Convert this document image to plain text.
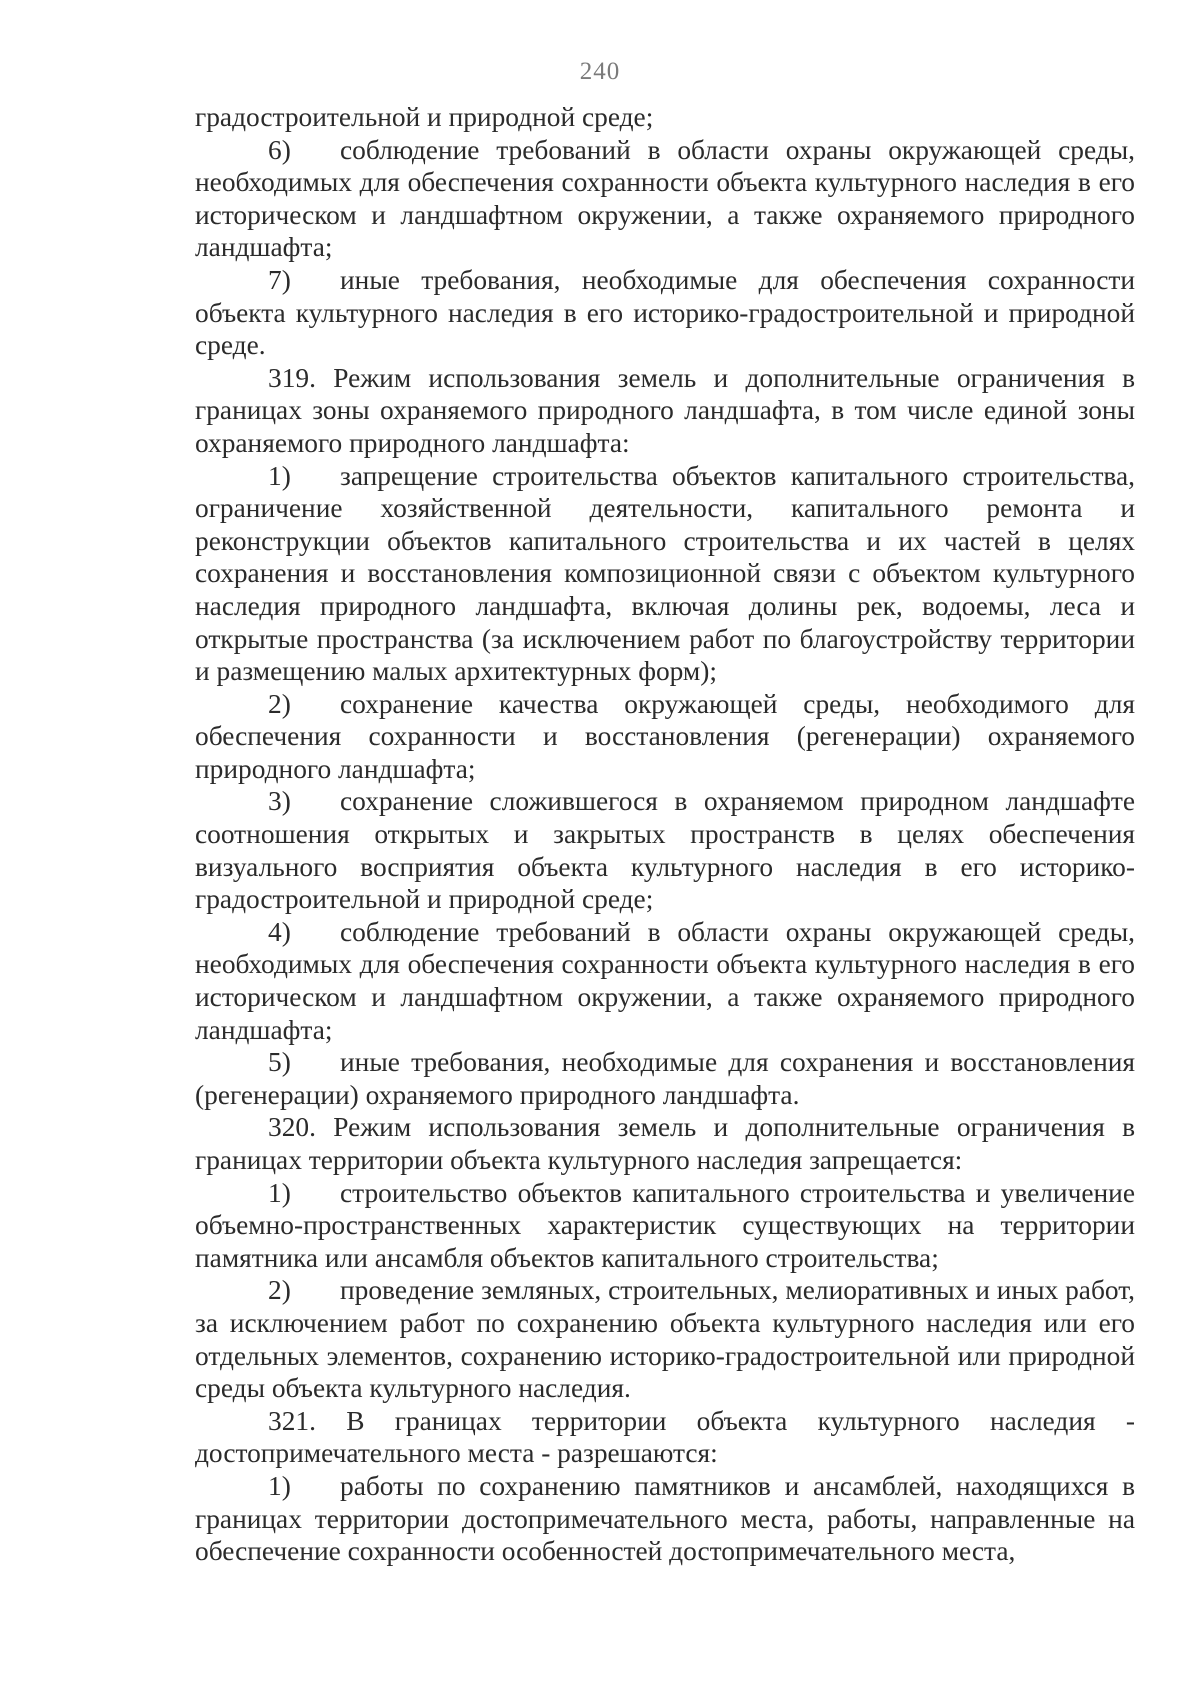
240

градостроительной и природной среде;

6) соблюдение требований в области охраны окружающей среды, необходимых для обеспечения сохранности объекта культурного наследия в его историческом и ландшафтном окружении, а также охраняемого природного ландшафта;

7) иные требования, необходимые для обеспечения сохранности объекта культурного наследия в его историко-градостроительной и природной среде.

319. Режим использования земель и дополнительные ограничения в границах зоны охраняемого природного ландшафта, в том числе единой зоны охраняемого природного ландшафта:

1) запрещение строительства объектов капитального строительства, ограничение хозяйственной деятельности, капитального ремонта и реконструкции объектов капитального строительства и их частей в целях сохранения и восстановления композиционной связи с объектом культурного наследия природного ландшафта, включая долины рек, водоемы, леса и открытые пространства (за исключением работ по благоустройству территории и размещению малых архитектурных форм);

2) сохранение качества окружающей среды, необходимого для обеспечения сохранности и восстановления (регенерации) охраняемого природного ландшафта;

3) сохранение сложившегося в охраняемом природном ландшафте соотношения открытых и закрытых пространств в целях обеспечения визуального восприятия объекта культурного наследия в его историко-градостроительной и природной среде;

4) соблюдение требований в области охраны окружающей среды, необходимых для обеспечения сохранности объекта культурного наследия в его историческом и ландшафтном окружении, а также охраняемого природного ландшафта;

5) иные требования, необходимые для сохранения и восстановления (регенерации) охраняемого природного ландшафта.

320. Режим использования земель и дополнительные ограничения в границах территории объекта культурного наследия запрещается:

1) строительство объектов капитального строительства и увеличение объемно-пространственных характеристик существующих на территории памятника или ансамбля объектов капитального строительства;

2) проведение земляных, строительных, мелиоративных и иных работ, за исключением работ по сохранению объекта культурного наследия или его отдельных элементов, сохранению историко-градостроительной или природной среды объекта культурного наследия.

321. В границах территории объекта культурного наследия - достопримечательного места - разрешаются:

1) работы по сохранению памятников и ансамблей, находящихся в границах территории достопримечательного места, работы, направленные на обеспечение сохранности особенностей достопримечательного места,
